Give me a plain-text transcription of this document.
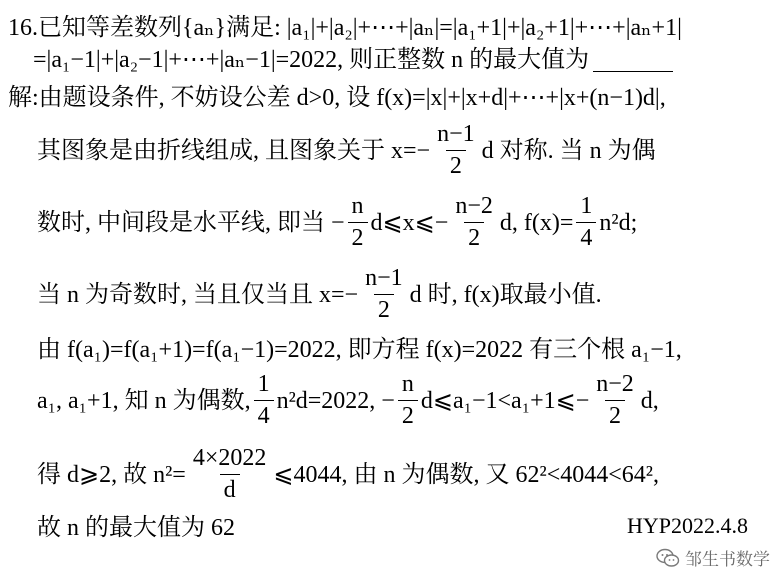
16.已知等差数列{aₙ}满足: |a₁|+|a₂|+⋯+|aₙ|=|a₁+1|+|a₂+1|+⋯+|aₙ+1|
=|a₁−1|+|a₂−1|+⋯+|aₙ−1|=2022, 则正整数 n 的最大值为
解:由题设条件, 不妨设公差 d>0, 设 f(x)=|x|+|x+d|+⋯+|x+(n−1)d|,
其图象是由折线组成, 且图象关于 $x=- \frac{n-1}{2}$ d 对称. 当 n 为偶
数时, 中间段是水平线, 即当 − $\frac{n}{2}$ d⩽x⩽− $\frac{n-2}{2} d$, $f(x)= \frac{1}{4} n^2d$;
当 n 为奇数时, 当且仅当且 $x=- \frac{n-1}{2}$ d 时, f(x)取最小值.
由 f(a₁)=f(a₁+1)=f(a₁−1)=2022, 即方程 f(x)=2022 有三个根 a₁−1,
a₁, a₁+1, 知 n 为偶数, $\frac{1}{4} n^2d=2022$, − $\frac{n}{2}$ d⩽a₁−1<a₁+1⩽− $\frac{n-2}{2} d$,
得 d⩾2, 故 $n^2= \frac{4\times 2022}{d}$ ⩽4044, 由 n 为偶数, 又 62²<4044<64²,
故 n 的最大值为 62	HYP2022.4.8
邹生书数学
